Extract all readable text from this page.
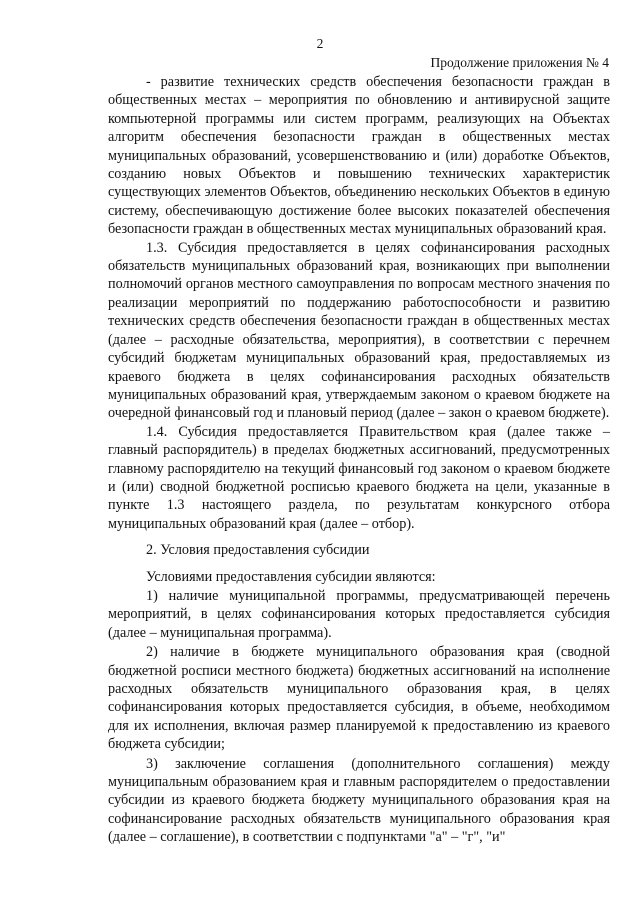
2
Продолжение приложения № 4

- развитие технических средств обеспечения безопасности граждан в общественных местах – мероприятия по обновлению и антивирусной защите компьютерной программы или систем программ, реализующих на Объектах алгоритм обеспечения безопасности граждан в общественных местах муниципальных образований, усовершенствованию и (или) доработке Объектов, созданию новых Объектов и повышению технических характеристик существующих элементов Объектов, объединению нескольких Объектов в единую систему, обеспечивающую достижение более высоких показателей обеспечения безопасности граждан в общественных местах муниципальных образований края.

1.3. Субсидия предоставляется в целях софинансирования расходных обязательств муниципальных образований края, возникающих при выполнении полномочий органов местного самоуправления по вопросам местного значения по реализации мероприятий по поддержанию работоспособности и развитию технических средств обеспечения безопасности граждан в общественных местах (далее – расходные обязательства, мероприятия), в соответствии с перечнем субсидий бюджетам муниципальных образований края, предоставляемых из краевого бюджета в целях софинансирования расходных обязательств муниципальных образований края, утверждаемым законом о краевом бюджете на очередной финансовый год и плановый период (далее – закон о краевом бюджете).

1.4. Субсидия предоставляется Правительством края (далее также – главный распорядитель) в пределах бюджетных ассигнований, предусмотренных главному распорядителю на текущий финансовый год законом о краевом бюджете и (или) сводной бюджетной росписью краевого бюджета на цели, указанные в пункте 1.3 настоящего раздела, по результатам конкурсного отбора муниципальных образований края (далее – отбор).

2. Условия предоставления субсидии

Условиями предоставления субсидии являются:

1) наличие муниципальной программы, предусматривающей перечень мероприятий, в целях софинансирования которых предоставляется субсидия (далее – муниципальная программа).

2) наличие в бюджете муниципального образования края (сводной бюджетной росписи местного бюджета) бюджетных ассигнований на исполнение расходных обязательств муниципального образования края, в целях софинансирования которых предоставляется субсидия, в объеме, необходимом для их исполнения, включая размер планируемой к предоставлению из краевого бюджета субсидии;

3) заключение соглашения (дополнительного соглашения) между муниципальным образованием края и главным распорядителем о предоставлении субсидии из краевого бюджета бюджету муниципального образования края на софинансирование расходных обязательств муниципального образования края (далее – соглашение), в соответствии с подпунктами "а" – "г", "и"
